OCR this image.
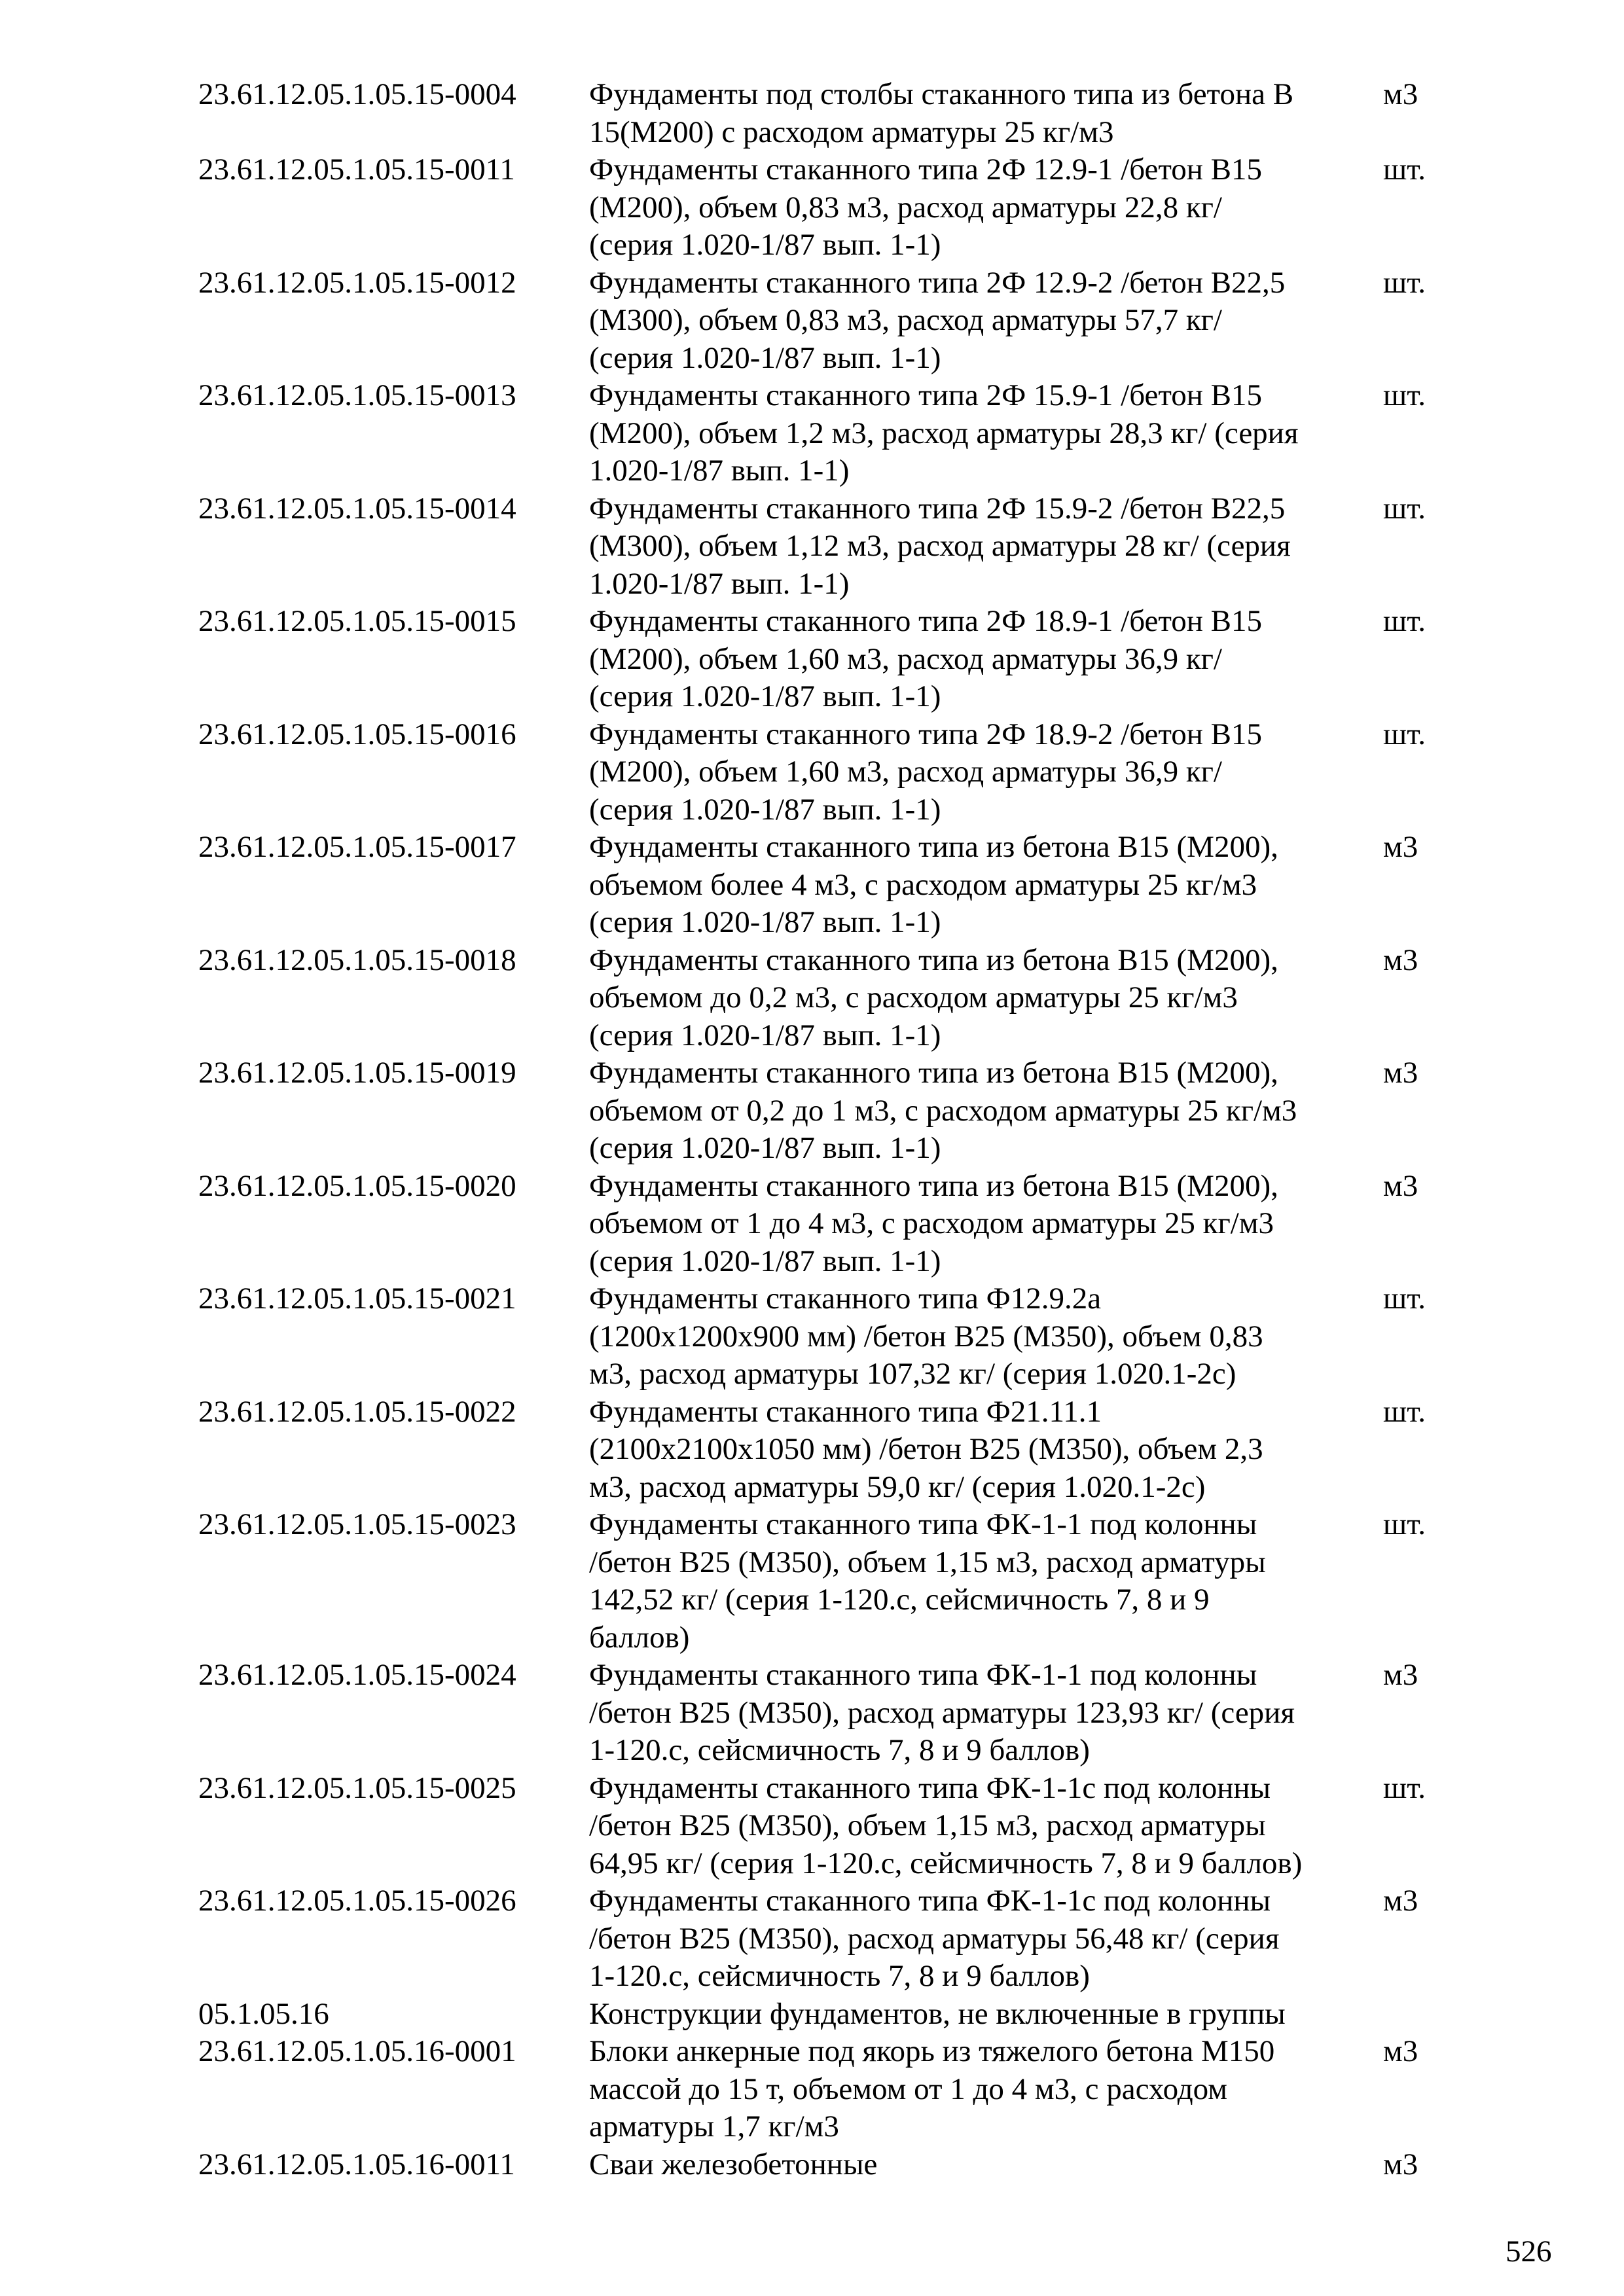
23.61.12.05.1.05.15-0004	Фундаменты под столбы стаканного типа из бетона В
15(М200) с расходом арматуры 25 кг/м3
м3
23.61.12.05.1.05.15-0011	Фундаменты стаканного типа 2Ф 12.9-1 /бетон В15
(М200), объем 0,83 м3, расход арматуры 22,8 кг/
(серия 1.020-1/87 вып. 1-1)
шт.
23.61.12.05.1.05.15-0012	Фундаменты стаканного типа 2Ф 12.9-2 /бетон В22,5
(М300), объем 0,83 м3, расход арматуры 57,7 кг/
(серия 1.020-1/87 вып. 1-1)
шт.
23.61.12.05.1.05.15-0013	Фундаменты стаканного типа 2Ф 15.9-1 /бетон В15
(М200), объем 1,2 м3, расход арматуры 28,3 кг/ (серия
1.020-1/87 вып. 1-1)
шт.
23.61.12.05.1.05.15-0014	Фундаменты стаканного типа 2Ф 15.9-2 /бетон В22,5
(М300), объем 1,12 м3, расход арматуры 28 кг/ (серия
1.020-1/87 вып. 1-1)
шт.
23.61.12.05.1.05.15-0015	Фундаменты стаканного типа 2Ф 18.9-1 /бетон В15
(М200), объем 1,60 м3, расход арматуры 36,9 кг/
(серия 1.020-1/87 вып. 1-1)
шт.
23.61.12.05.1.05.15-0016	Фундаменты стаканного типа 2Ф 18.9-2 /бетон В15
(М200), объем 1,60 м3, расход арматуры 36,9 кг/
(серия 1.020-1/87 вып. 1-1)
шт.
23.61.12.05.1.05.15-0017	Фундаменты стаканного типа из бетона В15 (М200),
объемом более 4 м3, с расходом арматуры 25 кг/м3
(серия 1.020-1/87 вып. 1-1)
м3
23.61.12.05.1.05.15-0018	Фундаменты стаканного типа из бетона В15 (М200),
объемом до 0,2 м3, с расходом арматуры 25 кг/м3
(серия 1.020-1/87 вып. 1-1)
м3
23.61.12.05.1.05.15-0019	Фундаменты стаканного типа из бетона В15 (М200),
объемом от 0,2 до 1 м3, с расходом арматуры 25 кг/м3
(серия 1.020-1/87 вып. 1-1)
м3
23.61.12.05.1.05.15-0020	Фундаменты стаканного типа из бетона В15 (М200),
объемом от 1 до 4 м3, с расходом арматуры 25 кг/м3
(серия 1.020-1/87 вып. 1-1)
м3
23.61.12.05.1.05.15-0021	Фундаменты стаканного типа Ф12.9.2а
(1200х1200х900 мм) /бетон В25 (М350), объем 0,83
м3, расход арматуры 107,32 кг/ (серия 1.020.1-2с)
шт.
23.61.12.05.1.05.15-0022	Фундаменты стаканного типа Ф21.11.1
(2100х2100х1050 мм) /бетон В25 (М350), объем 2,3
м3, расход арматуры 59,0 кг/ (серия 1.020.1-2с)
шт.
23.61.12.05.1.05.15-0023	Фундаменты стаканного типа ФК-1-1 под колонны
/бетон В25 (М350), объем 1,15 м3, расход арматуры
142,52 кг/ (серия 1-120.с, сейсмичность 7, 8 и 9
баллов)
шт.
23.61.12.05.1.05.15-0024	Фундаменты стаканного типа ФК-1-1 под колонны
/бетон В25 (М350), расход арматуры 123,93 кг/ (серия
1-120.с, сейсмичность 7, 8 и 9 баллов)
м3
23.61.12.05.1.05.15-0025	Фундаменты стаканного типа ФК-1-1с под колонны
/бетон В25 (М350), объем 1,15 м3, расход арматуры
64,95 кг/ (серия 1-120.с, сейсмичность 7, 8 и 9 баллов)
шт.
23.61.12.05.1.05.15-0026	Фундаменты стаканного типа ФК-1-1с под колонны
/бетон В25 (М350), расход арматуры 56,48 кг/ (серия
1-120.с, сейсмичность 7, 8 и 9 баллов)
м3
05.1.05.16	Конструкции фундаментов, не включенные в группы
23.61.12.05.1.05.16-0001	Блоки анкерные под якорь из тяжелого бетона М150
массой до 15 т, объемом от 1 до 4 м3, с расходом
арматуры 1,7 кг/м3
м3
23.61.12.05.1.05.16-0011	Сваи железобетонные	м3
526
